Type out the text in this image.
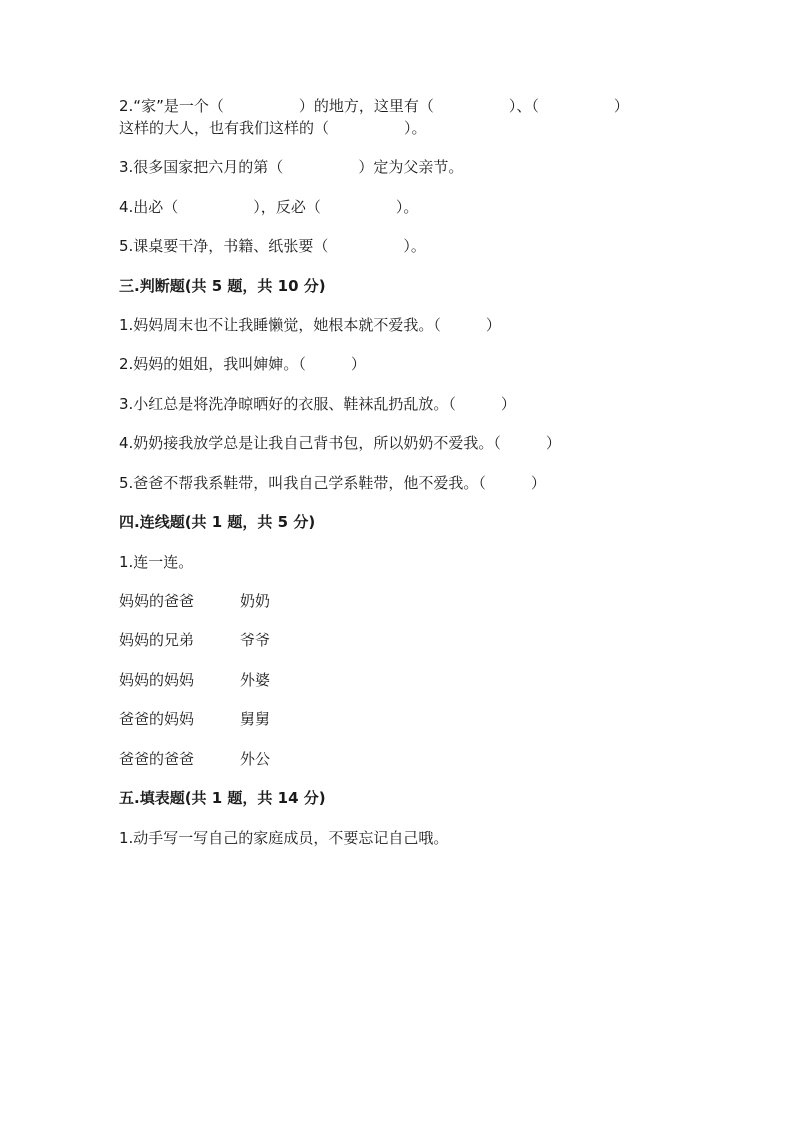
2.“家”是一个（　　　　　）的地方，这里有（　　　　　）、（　　　　　）
这样的大人，也有我们这样的（　　　　　）。
3.很多国家把六月的第（　　　　　）定为父亲节。
4.出必（　　　　　），反必（　　　　　）。
5.课桌要干净，书籍、纸张要（　　　　　）。
三.判断题(共 5 题，共 10 分)
1.妈妈周末也不让我睡懒觉，她根本就不爱我。（　　　）
2.妈妈的姐姐，我叫婶婶。（　　　）
3.小红总是将洗净晾晒好的衣服、鞋袜乱扔乱放。（　　　）
4.奶奶接我放学总是让我自己背书包，所以奶奶不爱我。（　　　）
5.爸爸不帮我系鞋带，叫我自己学系鞋带，他不爱我。（　　　）
四.连线题(共 1 题，共 5 分)
1.连一连。
妈妈的爸爸	奶奶
妈妈的兄弟	爷爷
妈妈的妈妈	外婆
爸爸的妈妈	舅舅
爸爸的爸爸	外公
五.填表题(共 1 题，共 14 分)
1.动手写一写自己的家庭成员，不要忘记自己哦。
